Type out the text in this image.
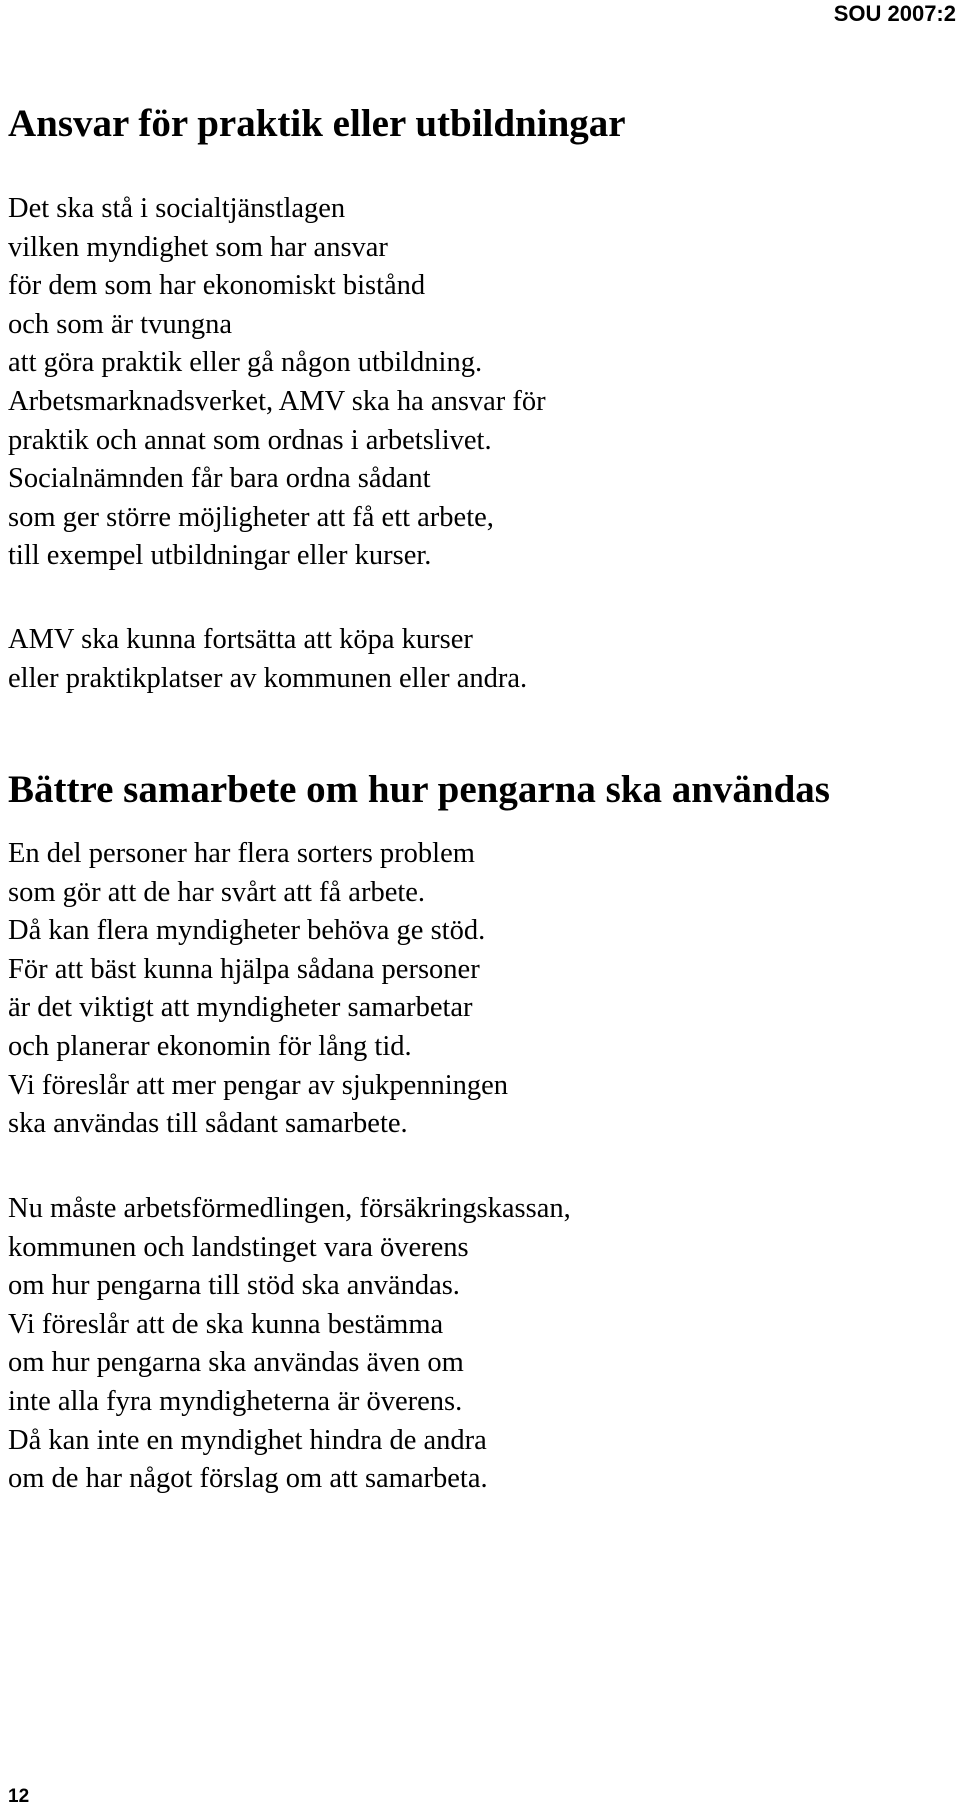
SOU 2007:2
Ansvar för praktik eller utbildningar
Det ska stå i socialtjänstlagen
vilken myndighet som har ansvar
för dem som har ekonomiskt bistånd
och som är tvungna
att göra praktik eller gå någon utbildning.
Arbetsmarknadsverket, AMV ska ha ansvar för
praktik och annat som ordnas i arbetslivet.
Socialnämnden får bara ordna sådant
som ger större möjligheter att få ett arbete,
till exempel utbildningar eller kurser.
AMV ska kunna fortsätta att köpa kurser
eller praktikplatser av kommunen eller andra.
Bättre samarbete om hur pengarna ska användas
En del personer har flera sorters problem
som gör att de har svårt att få arbete.
Då kan flera myndigheter behöva ge stöd.
För att bäst kunna hjälpa sådana personer
är det viktigt att myndigheter samarbetar
och planerar ekonomin för lång tid.
Vi föreslår att mer pengar av sjukpenningen
ska användas till sådant samarbete.
Nu måste arbetsförmedlingen, försäkringskassan,
kommunen och landstinget vara överens
om hur pengarna till stöd ska användas.
Vi föreslår att de ska kunna bestämma
om hur pengarna ska användas även om
inte alla fyra myndigheterna är överens.
Då kan inte en myndighet hindra de andra
om de har något förslag om att samarbeta.
12
